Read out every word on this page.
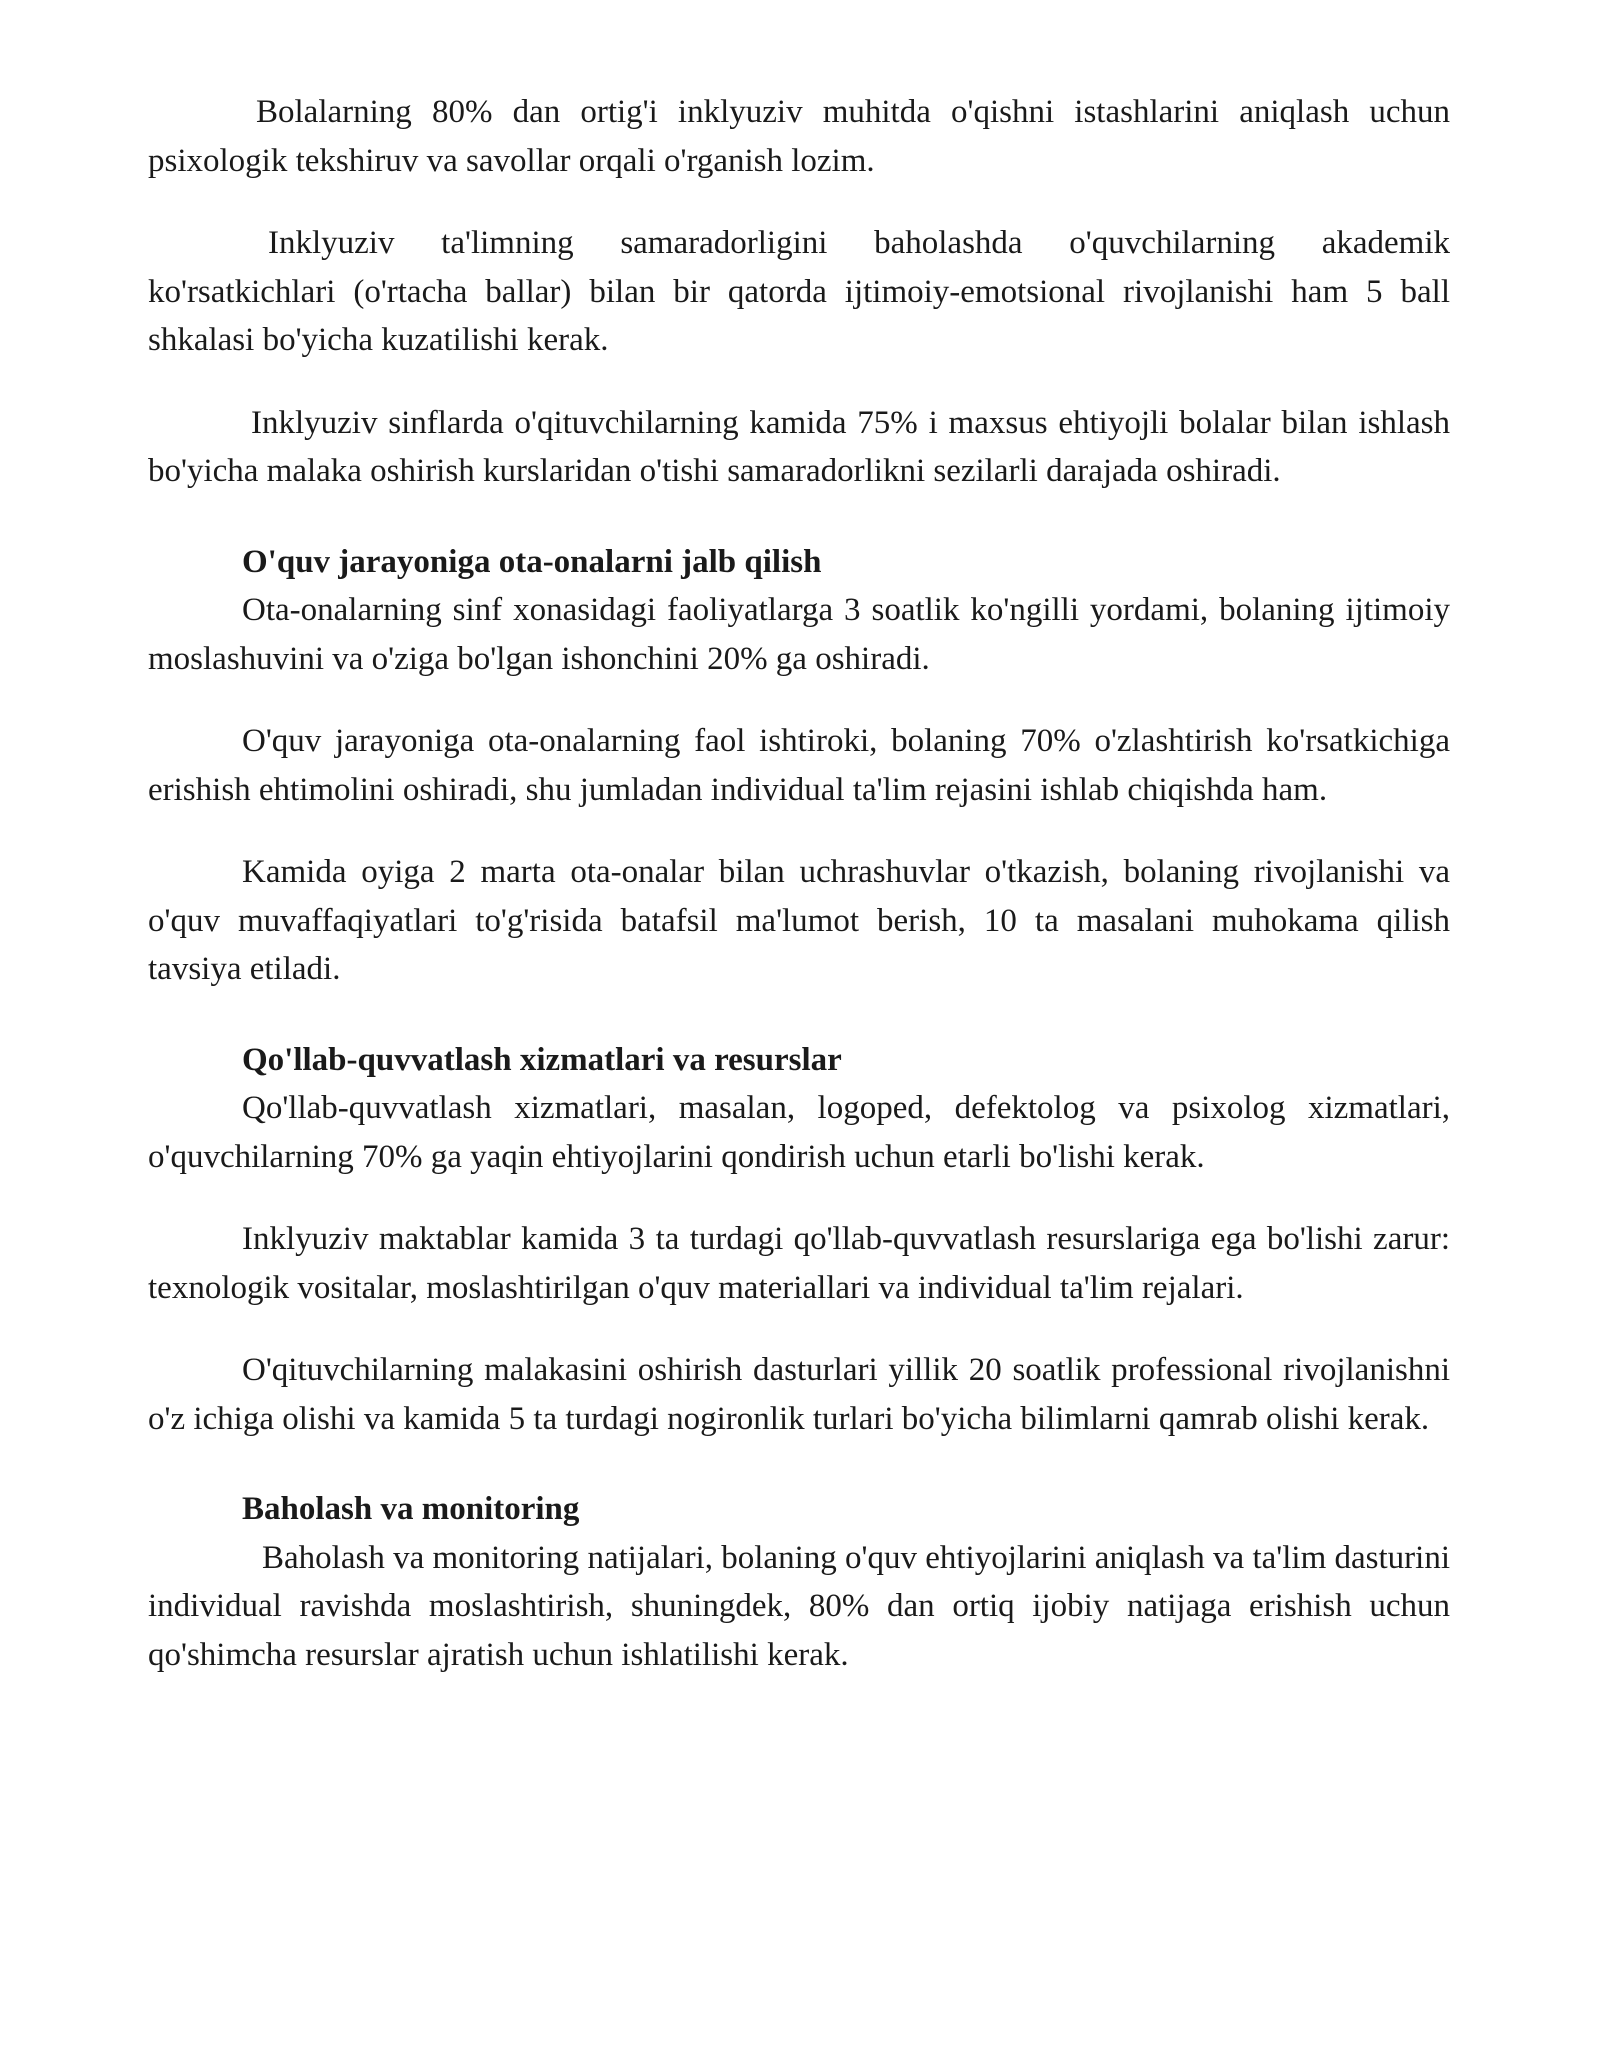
Bolalarning 80% dan ortig'i inklyuziv muhitda o'qishni istashlarini aniqlash uchun psixologik tekshiruv va savollar orqali o'rganish lozim.

Inklyuziv ta'limning samaradorligini baholashda o'quvchilarning akademik ko'rsatkichlari (o'rtacha ballar) bilan bir qatorda ijtimoiy-emotsional rivojlanishi ham 5 ball shkalasi bo'yicha kuzatilishi kerak.

Inklyuziv sinflarda o'qituvchilarning kamida 75% i maxsus ehtiyojli bolalar bilan ishlash bo'yicha malaka oshirish kurslaridan o'tishi samaradorlikni sezilarli darajada oshiradi.

O'quv jarayoniga ota-onalarni jalb qilish

Ota-onalarning sinf xonasidagi faoliyatlarga 3 soatlik ko'ngilli yordami, bolaning ijtimoiy moslashuvini va o'ziga bo'lgan ishonchini 20% ga oshiradi.

O'quv jarayoniga ota-onalarning faol ishtiroki, bolaning 70% o'zlashtirish ko'rsatkichiga erishish ehtimolini oshiradi, shu jumladan individual ta'lim rejasini ishlab chiqishda ham.

Kamida oyiga 2 marta ota-onalar bilan uchrashuvlar o'tkazish, bolaning rivojlanishi va o'quv muvaffaqiyatlari to'g'risida batafsil ma'lumot berish, 10 ta masalani muhokama qilish tavsiya etiladi.

Qo'llab-quvvatlash xizmatlari va resurslar

Qo'llab-quvvatlash xizmatlari, masalan, logoped, defektolog va psixolog xizmatlari, o'quvchilarning 70% ga yaqin ehtiyojlarini qondirish uchun etarli bo'lishi kerak.

Inklyuziv maktablar kamida 3 ta turdagi qo'llab-quvvatlash resurslariga ega bo'lishi zarur: texnologik vositalar, moslashtirilgan o'quv materiallari va individual ta'lim rejalari.

O'qituvchilarning malakasini oshirish dasturlari yillik 20 soatlik professional rivojlanishni o'z ichiga olishi va kamida 5 ta turdagi nogironlik turlari bo'yicha bilimlarni qamrab olishi kerak.

Baholash va monitoring

Baholash va monitoring natijalari, bolaning o'quv ehtiyojlarini aniqlash va ta'lim dasturini individual ravishda moslashtirish, shuningdek, 80% dan ortiq ijobiy natijaga erishish uchun qo'shimcha resurslar ajratish uchun ishlatilishi kerak.
